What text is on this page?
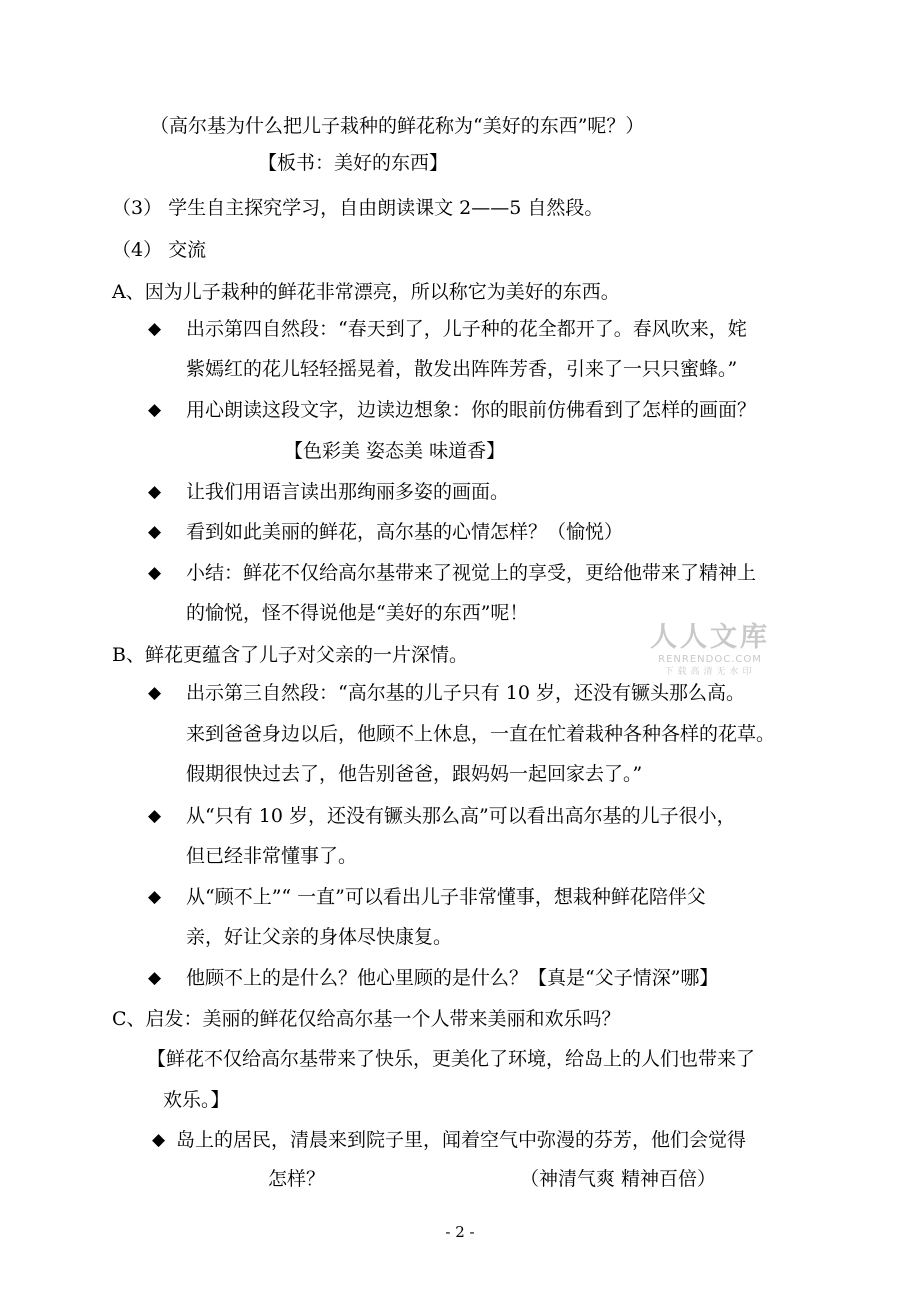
（高尔基为什么把儿子栽种的鲜花称为“美好的东西”呢？）
【板书：美好的东西】
（3） 学生自主探究学习，自由朗读课文 2——5 自然段。
（4） 交流
A、因为儿子栽种的鲜花非常漂亮，所以称它为美好的东西。
◆ 出示第四自然段：“春天到了，儿子种的花全都开了。春风吹来，姹
紫嫣红的花儿轻轻摇晃着，散发出阵阵芳香，引来了一只只蜜蜂。”
◆ 用心朗读这段文字，边读边想象：你的眼前仿佛看到了怎样的画面？
【色彩美 姿态美 味道香】
◆ 让我们用语言读出那绚丽多姿的画面。
◆ 看到如此美丽的鲜花，高尔基的心情怎样？（愉悦）
◆ 小结：鲜花不仅给高尔基带来了视觉上的享受，更给他带来了精神上
的愉悦，怪不得说他是“美好的东西”呢！
B、鲜花更蕴含了儿子对父亲的一片深情。
◆ 出示第三自然段：“高尔基的儿子只有 10 岁，还没有镢头那么高。
来到爸爸身边以后，他顾不上休息，一直在忙着栽种各种各样的花草。
假期很快过去了，他告别爸爸，跟妈妈一起回家去了。”
◆ 从“只有 10 岁，还没有镢头那么高”可以看出高尔基的儿子很小，
但已经非常懂事了。
◆ 从“顾不上”“ 一直”可以看出儿子非常懂事，想栽种鲜花陪伴父
亲，好让父亲的身体尽快康复。
◆ 他顾不上的是什么？他心里顾的是什么？【真是“父子情深”哪】
C、启发：美丽的鲜花仅给高尔基一个人带来美丽和欢乐吗？
【鲜花不仅给高尔基带来了快乐，更美化了环境，给岛上的人们也带来了
欢乐。】
◆ 岛上的居民，清晨来到院子里，闻着空气中弥漫的芬芳，他们会觉得
怎样？	（神清气爽 精神百倍）
人人文库
RENRENDOC.COM
下载高清无水印
- 2 -
